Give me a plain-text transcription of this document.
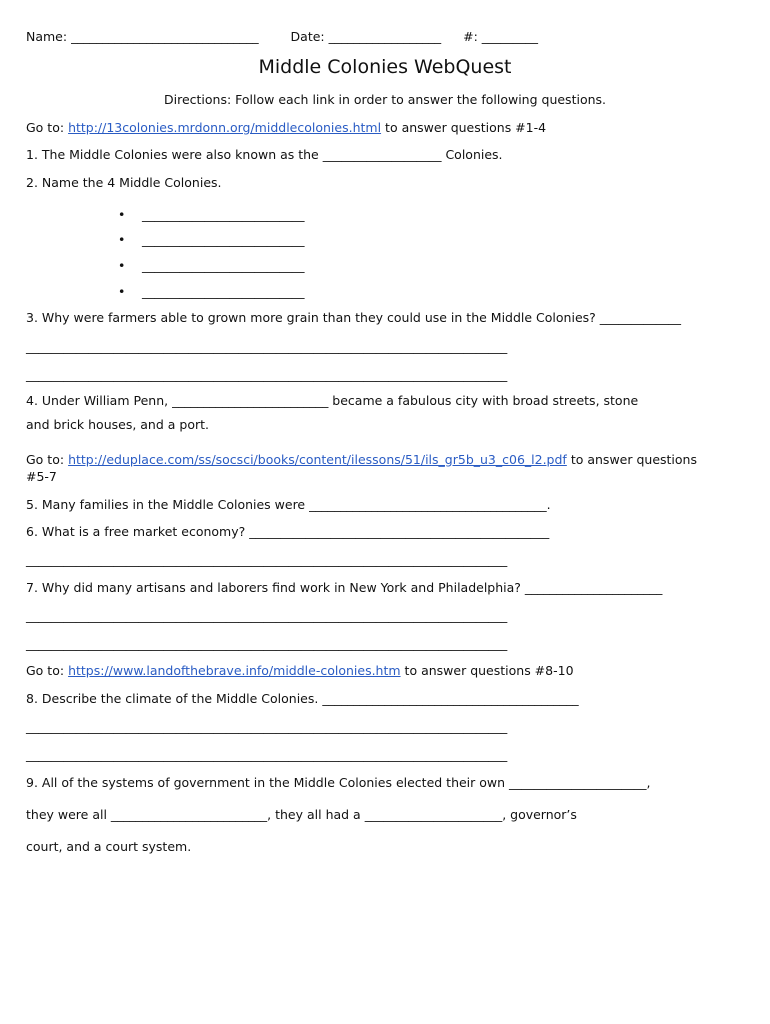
Name: ______________________________	Date: __________________ #: _________
Middle Colonies WebQuest
Directions: Follow each link in order to answer the following questions.
Go to: http://13colonies.mrdonn.org/middlecolonies.html to answer questions #1-4
1. The Middle Colonies were also known as the ___________________ Colonies.
2. Name the 4 Middle Colonies.
• __________________________
• __________________________
• __________________________
• __________________________
3. Why were farmers able to grown more grain than they could use in the Middle Colonies? _____________
_____________________________________________________________________________
_____________________________________________________________________________
4. Under William Penn, _________________________ became a fabulous city with broad streets, stone
and brick houses, and a port.
Go to: http://eduplace.com/ss/socsci/books/content/ilessons/51/ils_gr5b_u3_c06_l2.pdf to answer questions
#5-7
5. Many families in the Middle Colonies were ______________________________________.
6. What is a free market economy? ________________________________________________
_____________________________________________________________________________
7. Why did many artisans and laborers find work in New York and Philadelphia? ______________________
_____________________________________________________________________________
_____________________________________________________________________________
Go to: https://www.landofthebrave.info/middle-colonies.htm to answer questions #8-10
8. Describe the climate of the Middle Colonies. _________________________________________
_____________________________________________________________________________
_____________________________________________________________________________
9. All of the systems of government in the Middle Colonies elected their own ______________________,
they were all _________________________, they all had a ______________________, governor’s
court, and a court system.
